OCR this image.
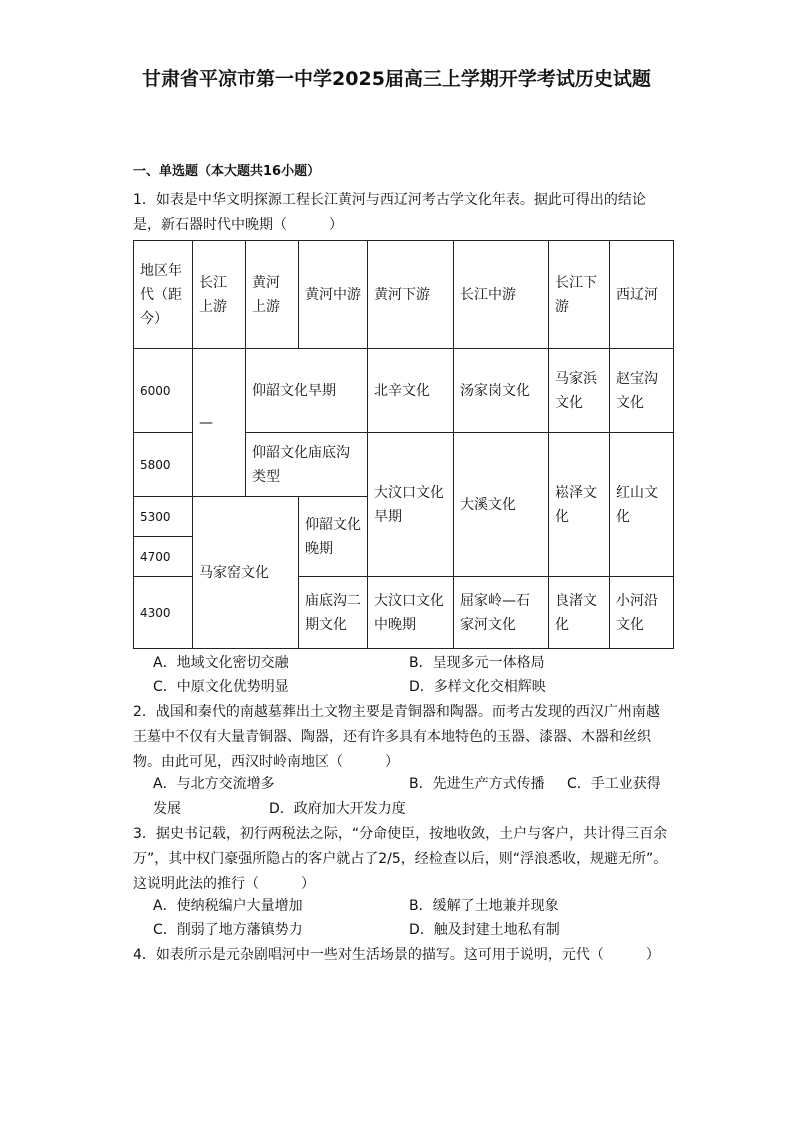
甘肃省平凉市第一中学2025届高三上学期开学考试历史试题
一、单选题（本大题共16小题）
1．如表是中华文明探源工程长江黄河与西辽河考古学文化年表。据此可得出的结论是，新石器时代中晚期（　　　）
地区年代（距今）	长江上游	黄河上游	黄河中游	黄河下游	长江中游	长江下游	西辽河
6000	—	仰韶文化早期		北辛文化	汤家岗文化	马家浜文化	赵宝沟文化
5800		仰韶文化庙底沟类型		大汶口文化早期	大溪文化	崧泽文化	红山文化
5300	马家窑文化		仰韶文化晚期				
4700							
4300			庙底沟二期文化	大汶口文化中晚期	屈家岭—石家河文化	良渚文化	小河沿文化
A．地域文化密切交融	B．呈现多元一体格局
C．中原文化优势明显	D．多样文化交相辉映
2．战国和秦代的南越墓葬出土文物主要是青铜器和陶器。而考古发现的西汉广州南越王墓中不仅有大量青铜器、陶器，还有许多具有本地特色的玉器、漆器、木器和丝织物。由此可见，西汉时岭南地区（　　　）
A．与北方交流增多	B．先进生产方式传播 C．手工业获得
发展	D．政府加大开发力度
3．据史书记载，初行两税法之际，“分命使臣，按地收敛，土户与客户，共计得三百余万”，其中权门豪强所隐占的客户就占了2/5，经检查以后，则“浮浪悉收，规避无所”。这说明此法的推行（　　　）
A．使纳税编户大量增加	B．缓解了土地兼并现象
C．削弱了地方藩镇势力	D．触及封建土地私有制
4．如表所示是元杂剧唱河中一些对生活场景的描写。这可用于说明，元代（　　　）
